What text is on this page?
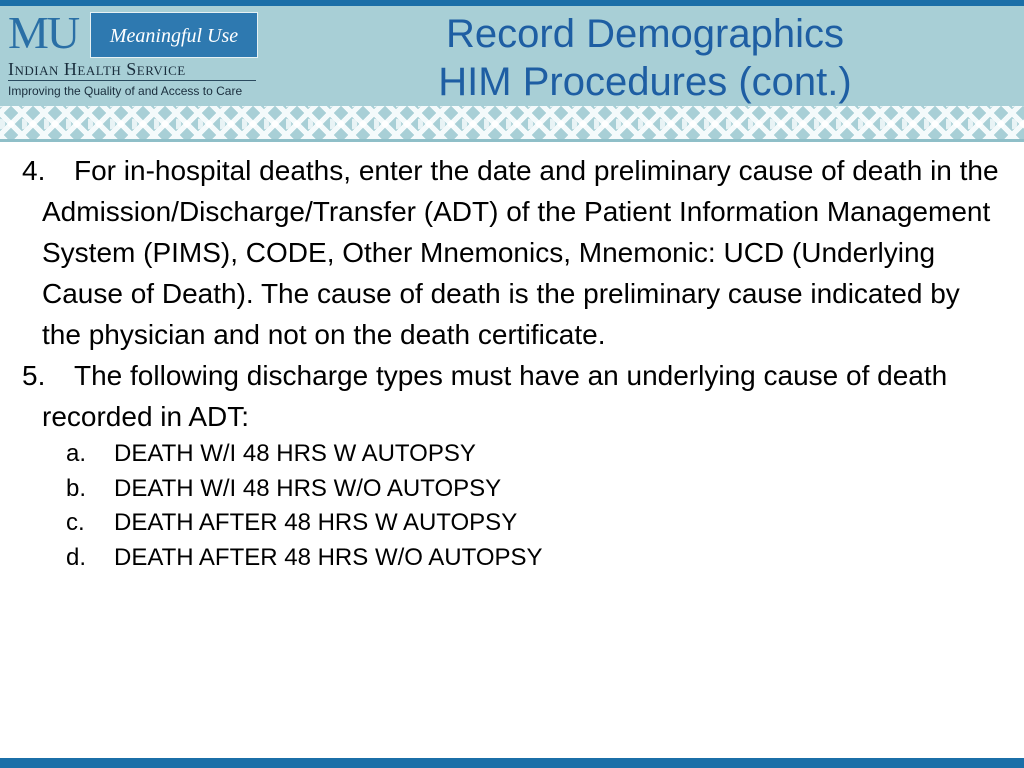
MU	Meaningful Use
Indian Health Service
Improving the Quality of and Access to Care
Record Demographics
HIM Procedures (cont.)
4.	For in-hospital deaths, enter the date and preliminary cause of death in the Admission/Discharge/Transfer (ADT) of the Patient Information Management System (PIMS), CODE, Other Mnemonics, Mnemonic: UCD (Underlying Cause of Death). The cause of death is the preliminary cause indicated by the physician and not on the death certificate.
5.	The following discharge types must have an underlying cause of death recorded in ADT:
a. DEATH W/I 48 HRS W AUTOPSY
b. DEATH W/I 48 HRS W/O AUTOPSY
c. DEATH AFTER 48 HRS W AUTOPSY
d. DEATH AFTER 48 HRS W/O AUTOPSY
